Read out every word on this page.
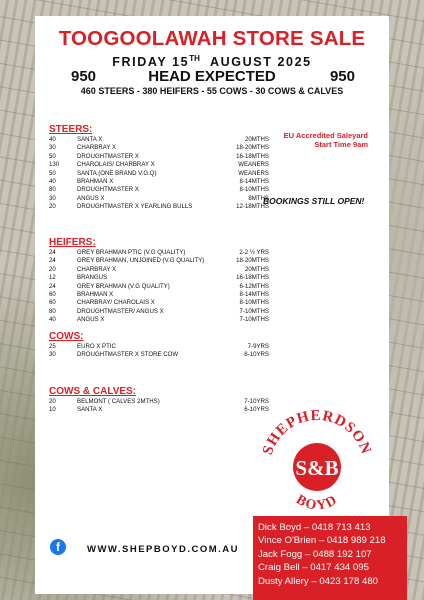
TOOGOOLAWAH STORE SALE
FRIDAY 15TH AUGUST 2025
HEAD EXPECTED
950	950
460 STEERS - 380 HEIFERS - 55 COWS - 30 COWS & CALVES
EU Accredited Saleyard
Start Time 9am
BOOKINGS STILL OPEN!
STEERS:
40	SANTA X	20MTHS
30	CHARBRAY X	18-20MTHS
50	DROUGHTMASTER X	16-18MTHS
130	CHAROLAIS/ CHARBRAY X	WEANERS
50	SANTA (ONE BRAND V.G.Q)	WEANERS
40	BRAHMAN X	8-14MTHS
80	DROUGHTMASTER X	8-10MTHS
30	ANGUS X	8MTHS
20	DROUGHTMASTER X YEARLING BULLS	12-18MTHS
HEIFERS:
24	GREY BRAHMAN PTIC (V.G QUALITY)	2-2 ½ YRS
24	GREY BRAHMAN, UNJOINED (V.G QUALITY)	18-20MTHS
20	CHARBRAY X	20MTHS
12	BRANGUS	16-18MTHS
24	GREY BRAHMAN (V.G QUALITY)	6-12MTHS
60	BRAHMAN X	8-14MTHS
60	CHARBRAY/ CHAROLAIS X	8-10MTHS
80	DROUGHTMASTER/ ANGUS X	7-10MTHS
40	ANGUS X	7-10MTHS
COWS:
25	EURO X PTIC	7-9YRS
30	DROUGHTMASTER X STORE COW	8-10YRS
COWS & CALVES:
20	BELMONT ( CALVES 2MTHS)	7-10YRS
10	SANTA X	6-10YRS
f	WWW.SHEPBOYD.COM.AU
SHEPHERDSON
S&B
BOYD
Dick Boyd – 0418 713 413
Vince O'Brien – 0418 989 218
Jack Fogg – 0488 192 107
Craig Bell – 0417 434 095
Dusty Allery – 0423 178 480
